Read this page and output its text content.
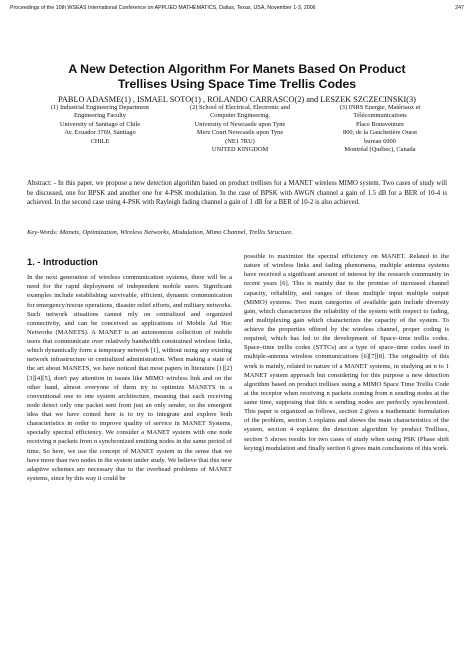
Proceedings of the 10th WSEAS International Conference on APPLIED MATHEMATICS, Dallas, Texas, USA, November 1-3, 2006	247
A New Detection Algorithm For Manets Based On Product
Trellises Using Space Time Trellis Codes
PABLO ADASME(1) , ISMAEL SOTO(1) , ROLANDO CARRASCO(2) and LESZEK SZCZECINSKI(3)
(1) Industrial Engineering Department
Engineering Faculty
University of Santiago of Chile
Av. Ecuador 3769, Santiago
CHILE
(2) School of Electrical, Electronic and
Computer Engineering.
University of Newcastle upon Tyne
Merz Court Newcastle upon Tyne
(NE1 7RU)
UNITED KINGDOM
(3) INRS Energie, Matériaux et
Télécommunications
Place Bonaventure
800, de la Gauchetière Ouest
bureau 6900
Montréal (Québec), Canada
Abstract: - In this paper, we propose a new detection algorithm based on product trellises for a MANET wireless MIMO system. Two cases of study will be discussed, one for BPSK and another one for 4-PSK modulation. In the case of BPSK with AWGN channel a gain of 1.5 dB for a BER of 10-4 is achieved. In the second case using 4-PSK with Rayleigh fading channel a gain of 1 dB for a BER of 10-2 is also achieved.
Key-Words: Manets, Optimization, Wireless Networks, Modulation, Mimo Channel, Trellis Structure.
1. - Introduction

In the next generation of wireless communication systems, there will be a need for the rapid deployment of independent mobile users. Significant examples include establishing survivable, efficient, dynamic communication for emergency/rescue operations, disaster relief efforts, and military networks. Such network situations cannot rely on centralized and organized connectivity, and can be conceived as applications of Mobile Ad Hoc Networks (MANETS). A MANET is an autonomous collection of mobile users that communicate over relatively bandwidth constrained wireless links, which dynamically form a temporary network [1], without using any existing network infrastructure or centralized administration. When making a state of the art about MANETS, we have noticed that most papers in literature [1][2][3][4][5], don't pay attention in issues like MIMO wireless link and on the other hand, almost everyone of them try to optimize MANETS in a conventional one to one system architecture, meaning that each receiving node detect only one packet sent from just an only sender, so the emergent idea that we have coined here is to try to integrate and explore both characteristics in order to improve quality of service in MANET Systems, specially spectral efficiency. We consider a MANET system with one node receiving n packets from n synchronized emitting nodes in the same period of time. So here, we use the concept of MANET system in the sense that we have more than two nodes in the system under study. We believe that this new adaptive schemes are necessary due to the overhead problems of MANET systems, since by this way it could be

possible to maximize the spectral efficiency on MANET. Related to the nature of wireless links and fading phenomena, multiple antenna systems have received a significant amount of interest by the research community in recent years [6]. This is mainly due to the promise of increased channel capacity, reliability, and ranges of these multiple input multiple output (MIMO) systems. Two main categories of available gain include diversity gain, which characterizes the reliability of the system with respect to fading, and multiplexing gain which characterizes the capacity of the system. To achieve the properties offered by the wireless channel, proper coding is required, which has led to the development of Space–time trellis codes. Space–time trellis codes (STTCs) are a type of space–time codes used in multiple-antenna wireless communications [6][7][8]. The originality of this work is mainly, related to nature of a MANET systems, in studying an n to 1 MANET system approach but considering for this purpose a new detection algorithm based on product trellises using a MIMO Space Time Trellis Code at the receptor when receiving n packets coming from n sending nodes at the same time, supposing that this n sending nodes are perfectly synchronized. This paper is organized as follows, section 2 gives a mathematic formulation of the problem, section 3 explains and shows the main characteristics of the system, section 4 explains the detection algorithm by product Trellises, section 5 shows results for two cases of study when using PSK (Phase shift keying) modulation and finally section 6 gives main conclusions of this work.
